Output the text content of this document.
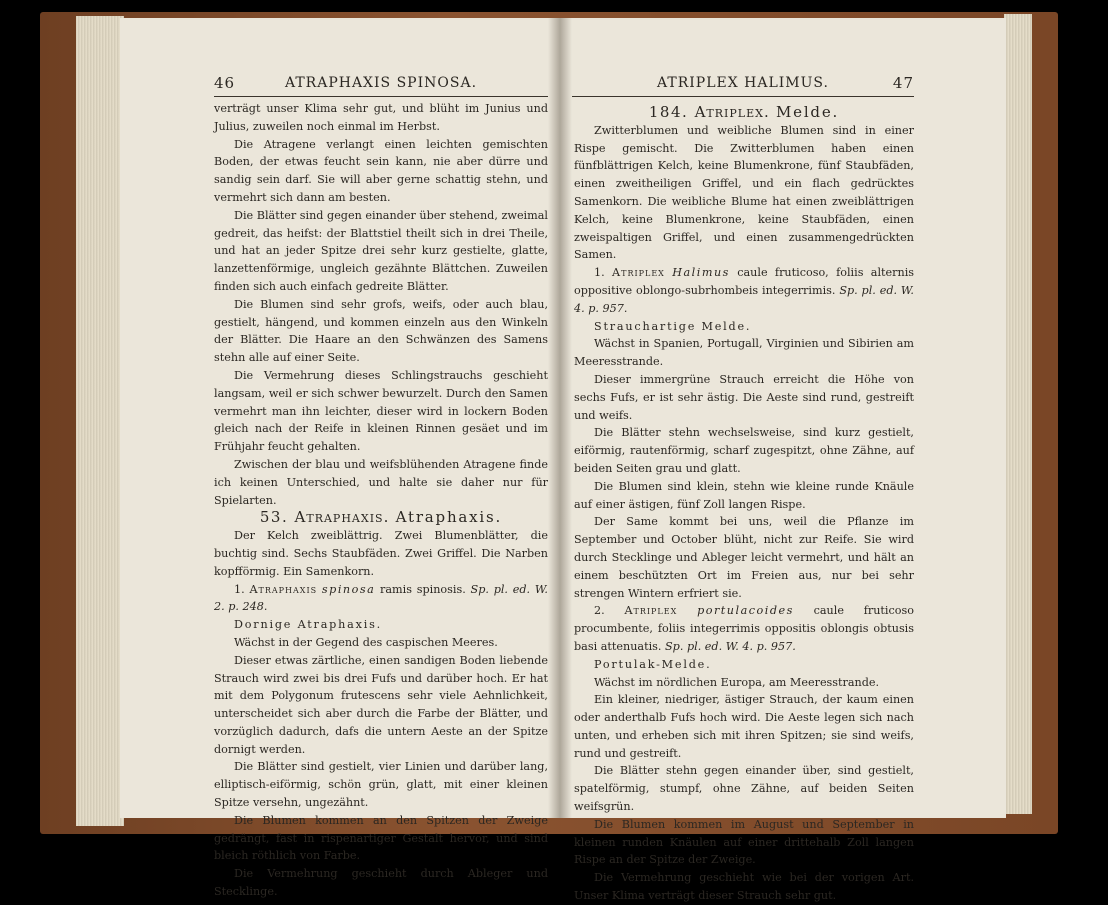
46	ATRAPHAXIS SPINOSA.

verträgt unser Klima sehr gut, und blüht im Junius und Julius, zuweilen noch einmal im Herbst.

Die Atragene verlangt einen leichten gemischten Boden, der etwas feucht sein kann, nie aber dürre und sandig sein darf. Sie will aber gerne schattig stehn, und vermehrt sich dann am besten.

Die Blätter sind gegen einander über stehend, zweimal gedreit, das heifst: der Blattstiel theilt sich in drei Theile, und hat an jeder Spitze drei sehr kurz gestielte, glatte, lanzettenförmige, ungleich gezähnte Blättchen. Zuweilen finden sich auch einfach gedreite Blätter.

Die Blumen sind sehr grofs, weifs, oder auch blau, gestielt, hängend, und kommen einzeln aus den Winkeln der Blätter. Die Haare an den Schwänzen des Samens stehn alle auf einer Seite.

Die Vermehrung dieses Schlingstrauchs geschieht langsam, weil er sich schwer bewurzelt. Durch den Samen vermehrt man ihn leichter, dieser wird in lockern Boden gleich nach der Reife in kleinen Rinnen gesäet und im Frühjahr feucht gehalten.

Zwischen der blau und weifsblühenden Atragene finde ich keinen Unterschied, und halte sie daher nur für Spielarten.

53. Atraphaxis. Atraphaxis.

Der Kelch zweiblättrig. Zwei Blumenblätter, die buchtig sind. Sechs Staubfäden. Zwei Griffel. Die Narben kopfförmig. Ein Samenkorn.

1. Atraphaxis spinosa ramis spinosis. Sp. pl. ed. W. 2. p. 248.

Dornige Atraphaxis.

Wächst in der Gegend des caspischen Meeres.

Dieser etwas zärtliche, einen sandigen Boden liebende Strauch wird zwei bis drei Fufs und darüber hoch. Er hat mit dem Polygonum frutescens sehr viele Aehnlichkeit, unterscheidet sich aber durch die Farbe der Blätter, und vorzüglich dadurch, dafs die untern Aeste an der Spitze dornigt werden.

Die Blätter sind gestielt, vier Linien und darüber lang, elliptisch-eiförmig, schön grün, glatt, mit einer kleinen Spitze versehn, ungezähnt.

Die Blumen kommen an den Spitzen der Zweige gedrängt, fast in rispenartiger Gestalt hervor, und sind bleich röthlich von Farbe.

Die Vermehrung geschieht durch Ableger und Stecklinge.

ATRIPLEX HALIMUS.	47

184. Atriplex. Melde.

Zwitterblumen und weibliche Blumen sind in einer Rispe gemischt. Die Zwitterblumen haben einen fünfblättrigen Kelch, keine Blumenkrone, fünf Staubfäden, einen zweitheiligen Griffel, und ein flach gedrücktes Samenkorn. Die weibliche Blume hat einen zweiblättrigen Kelch, keine Blumenkrone, keine Staubfäden, einen zweispaltigen Griffel, und einen zusammengedrückten Samen.

1. Atriplex Halimus caule fruticoso, foliis alternis oppositive oblongo-subrhombeis integerrimis. Sp. pl. ed. W. 4. p. 957.

Strauchartige Melde.

Wächst in Spanien, Portugall, Virginien und Sibirien am Meeresstrande.

Dieser immergrüne Strauch erreicht die Höhe von sechs Fufs, er ist sehr ästig. Die Aeste sind rund, gestreift und weifs.

Die Blätter stehn wechselsweise, sind kurz gestielt, eiförmig, rautenförmig, scharf zugespitzt, ohne Zähne, auf beiden Seiten grau und glatt.

Die Blumen sind klein, stehn wie kleine runde Knäule auf einer ästigen, fünf Zoll langen Rispe.

Der Same kommt bei uns, weil die Pflanze im September und October blüht, nicht zur Reife. Sie wird durch Stecklinge und Ableger leicht vermehrt, und hält an einem beschützten Ort im Freien aus, nur bei sehr strengen Wintern erfriert sie.

2. Atriplex portulacoides caule fruticoso procumbente, foliis integerrimis oppositis oblongis obtusis basi attenuatis. Sp. pl. ed. W. 4. p. 957.

Portulak-Melde.

Wächst im nördlichen Europa, am Meeresstrande.

Ein kleiner, niedriger, ästiger Strauch, der kaum einen oder anderthalb Fufs hoch wird. Die Aeste legen sich nach unten, und erheben sich mit ihren Spitzen; sie sind weifs, rund und gestreift.

Die Blätter stehn gegen einander über, sind gestielt, spatelförmig, stumpf, ohne Zähne, auf beiden Seiten weifsgrün.

Die Blumen kommen im August und September in kleinen runden Knäulen auf einer drittehalb Zoll langen Rispe an der Spitze der Zweige.

Die Vermehrung geschieht wie bei der vorigen Art. Unser Klima verträgt dieser Strauch sehr gut.
